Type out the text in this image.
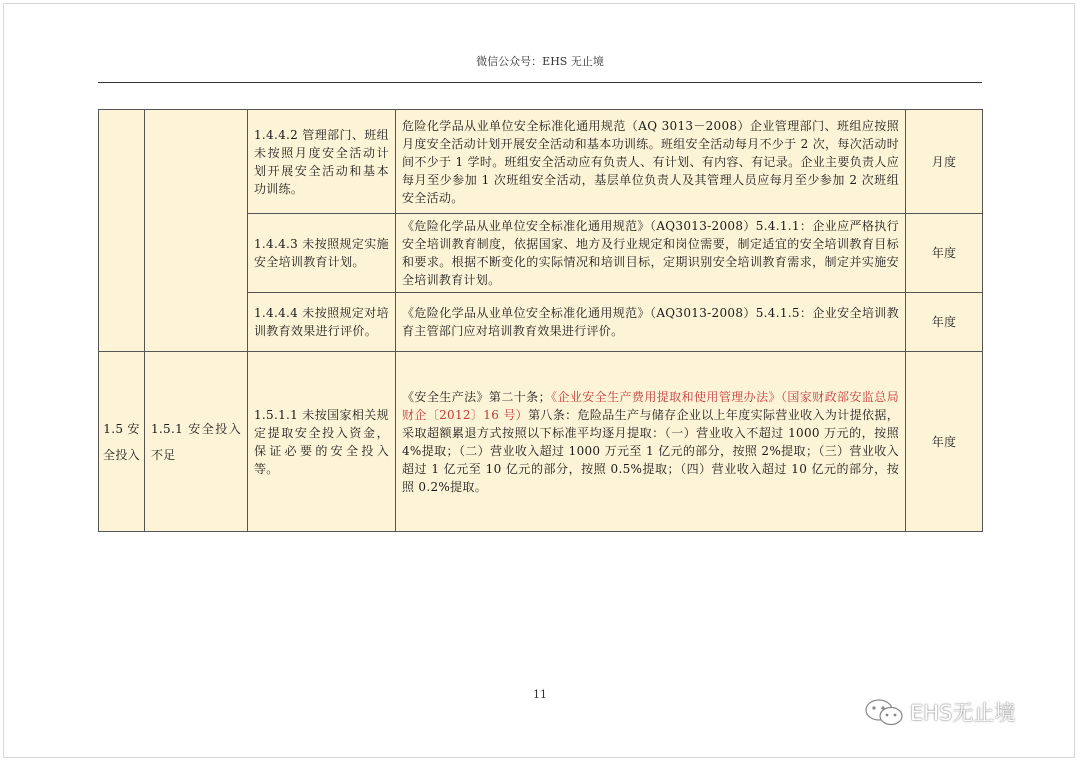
微信公众号：EHS 无止境
		1.4.4.2 管理部门、班组未按照月度安全活动计划开展安全活动和基本功训练。	危险化学品从业单位安全标准化通用规范（AQ 3013－2008）企业管理部门、班组应按照月度安全活动计划开展安全活动和基本功训练。班组安全活动每月不少于 2 次，每次活动时间不少于 1 学时。班组安全活动应有负责人、有计划、有内容、有记录。企业主要负责人应每月至少参加 1 次班组安全活动，基层单位负责人及其管理人员应每月至少参加 2 次班组安全活动。	月度
		1.4.4.3 未按照规定实施安全培训教育计划。	《危险化学品从业单位安全标准化通用规范》（AQ3013-2008）5.4.1.1：企业应严格执行安全培训教育制度，依据国家、地方及行业规定和岗位需要，制定适宜的安全培训教育目标和要求。根据不断变化的实际情况和培训目标，定期识别安全培训教育需求，制定并实施安全培训教育计划。	年度
		1.4.4.4 未按照规定对培训教育效果进行评价。	《危险化学品从业单位安全标准化通用规范》（AQ3013-2008）5.4.1.5：企业安全培训教育主管部门应对培训教育效果进行评价。	年度
1.5 安全投入	1.5.1 安全投入不足	1.5.1.1 未按国家相关规定提取安全投入资金，保证必要的安全投入等。	《安全生产法》第二十条；《企业安全生产费用提取和使用管理办法》（国家财政部安监总局财企〔2012〕16 号）第八条：危险品生产与储存企业以上年度实际营业收入为计提依据，采取超额累退方式按照以下标准平均逐月提取：（一）营业收入不超过 1000 万元的，按照 4%提取；（二）营业收入超过 1000 万元至 1 亿元的部分，按照 2%提取；（三）营业收入超过 1 亿元至 10 亿元的部分，按照 0.5%提取；（四）营业收入超过 10 亿元的部分，按照 0.2%提取。	年度
11
EHS无止境
